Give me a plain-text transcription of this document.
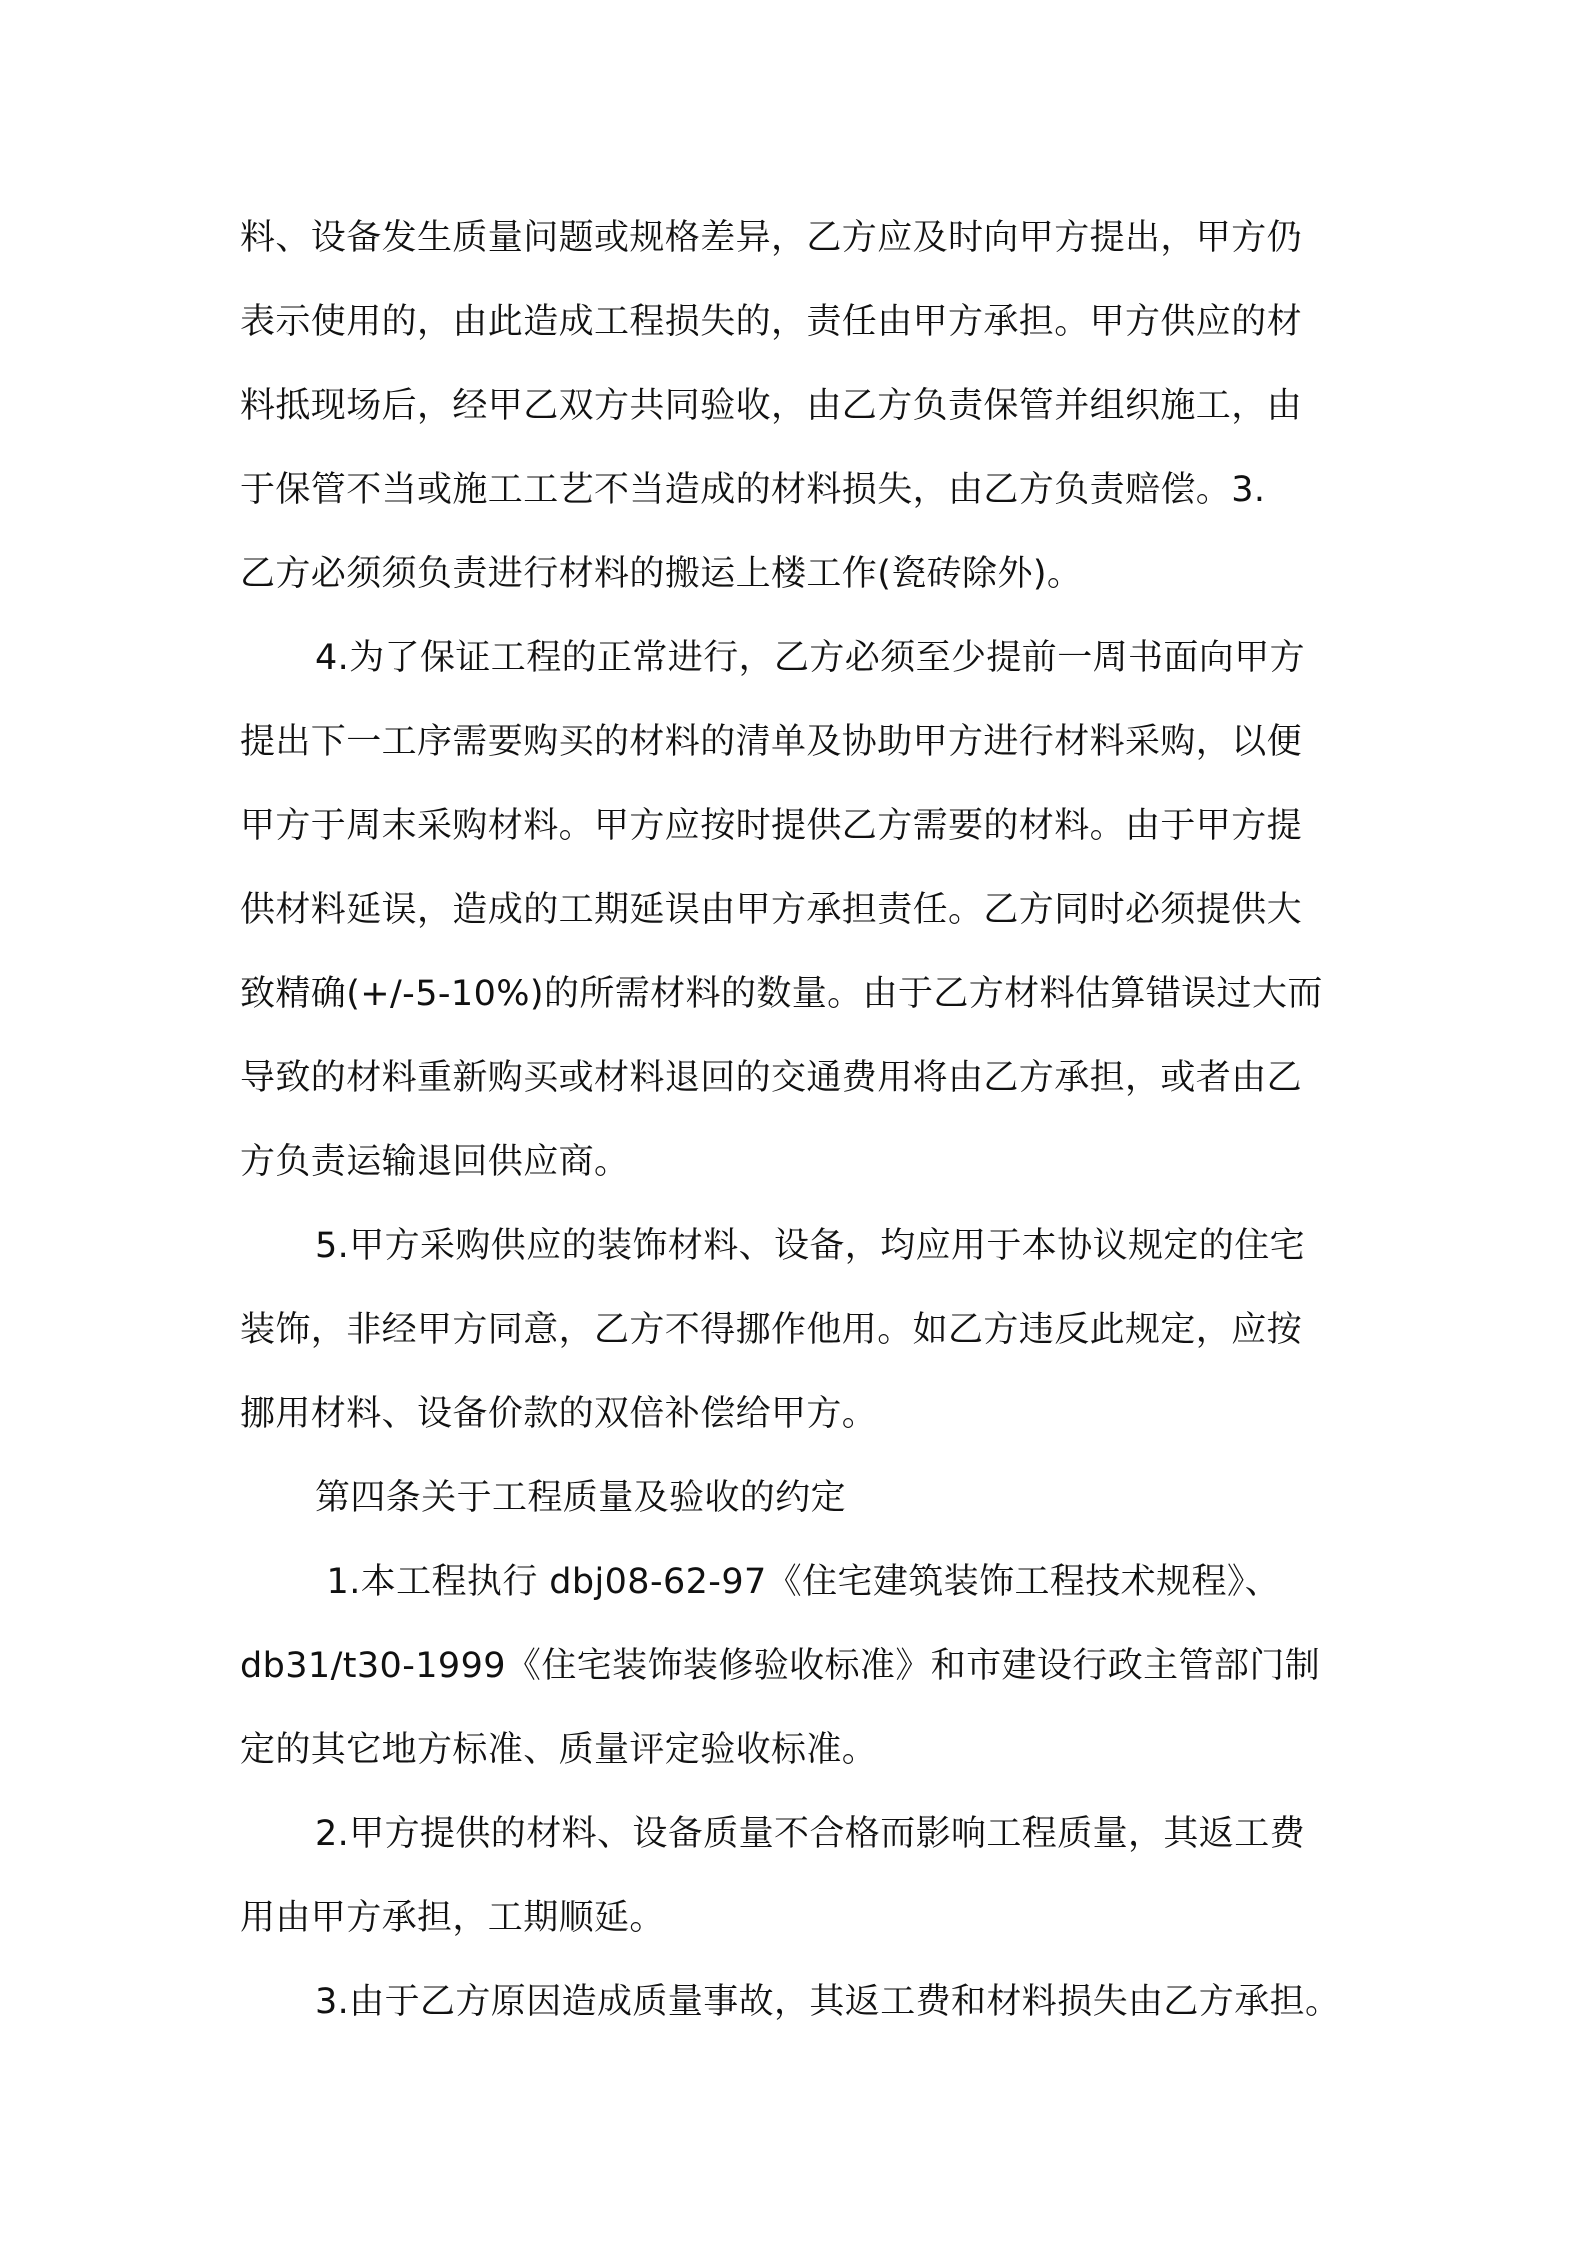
料、设备发生质量问题或规格差异，乙方应及时向甲方提出，甲方仍
表示使用的，由此造成工程损失的，责任由甲方承担。甲方供应的材
料抵现场后，经甲乙双方共同验收，由乙方负责保管并组织施工，由
于保管不当或施工工艺不当造成的材料损失，由乙方负责赔偿。3.
乙方必须须负责进行材料的搬运上楼工作(瓷砖除外)。
4.为了保证工程的正常进行，乙方必须至少提前一周书面向甲方
提出下一工序需要购买的材料的清单及协助甲方进行材料采购，以便
甲方于周末采购材料。甲方应按时提供乙方需要的材料。由于甲方提
供材料延误，造成的工期延误由甲方承担责任。乙方同时必须提供大
致精确(+/-5-10%)的所需材料的数量。由于乙方材料估算错误过大而
导致的材料重新购买或材料退回的交通费用将由乙方承担，或者由乙
方负责运输退回供应商。
5.甲方采购供应的装饰材料、设备，均应用于本协议规定的住宅
装饰，非经甲方同意，乙方不得挪作他用。如乙方违反此规定，应按
挪用材料、设备价款的双倍补偿给甲方。
第四条关于工程质量及验收的约定
1.本工程执行 dbj08-62-97《住宅建筑装饰工程技术规程》、
db31/t30-1999《住宅装饰装修验收标准》和市建设行政主管部门制
定的其它地方标准、质量评定验收标准。
2.甲方提供的材料、设备质量不合格而影响工程质量，其返工费
用由甲方承担，工期顺延。
3.由于乙方原因造成质量事故，其返工费和材料损失由乙方承担。
